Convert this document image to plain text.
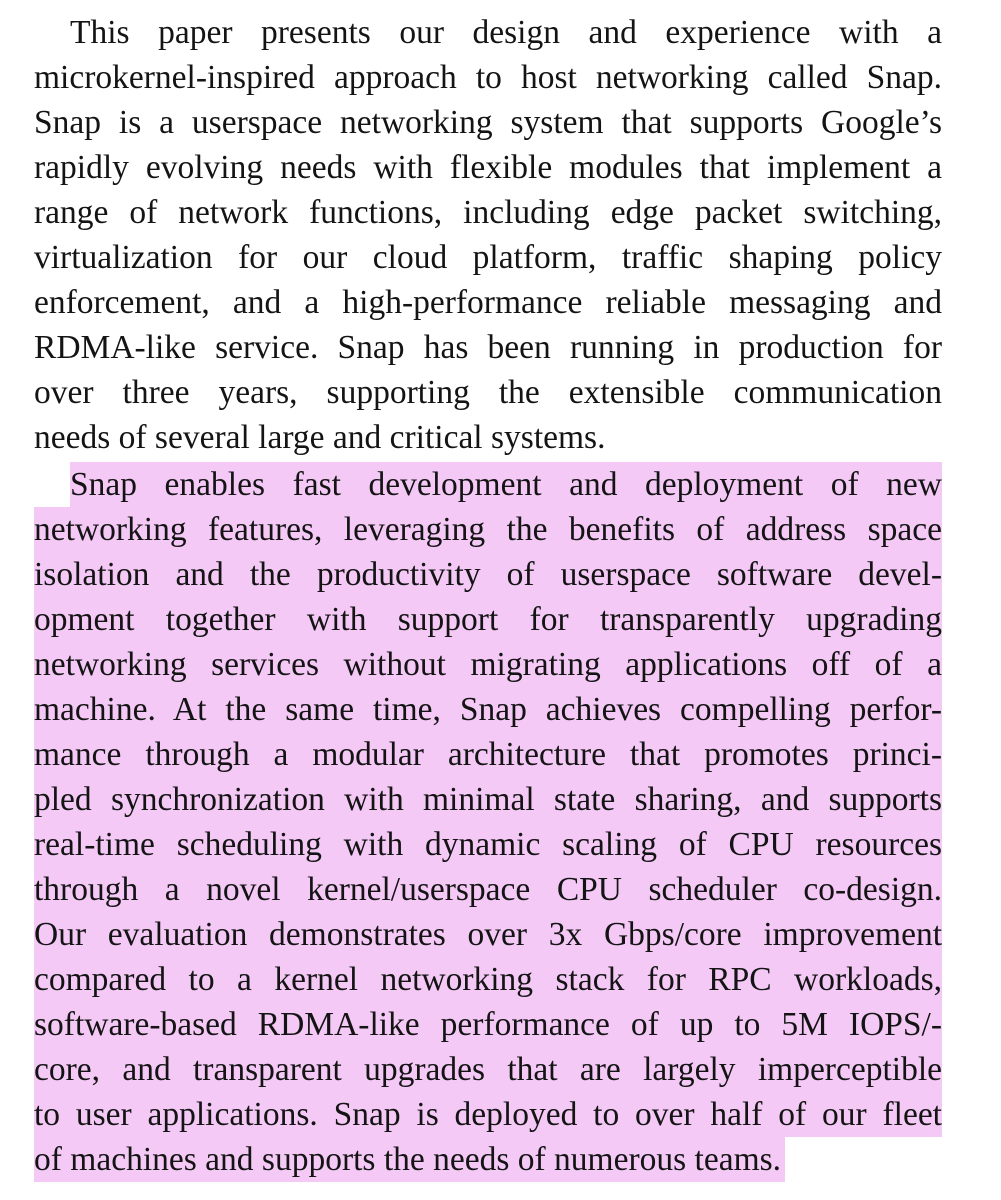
This paper presents our design and experience with a
microkernel-inspired approach to host networking called Snap.
Snap is a userspace networking system that supports Google’s
rapidly evolving needs with flexible modules that implement a
range of network functions, including edge packet switching,
virtualization for our cloud platform, traffic shaping policy
enforcement, and a high-performance reliable messaging and
RDMA-like service. Snap has been running in production for
over three years, supporting the extensible communication
needs of several large and critical systems.
Snap enables fast development and deployment of new
networking features, leveraging the benefits of address space
isolation and the productivity of userspace software devel-
opment together with support for transparently upgrading
networking services without migrating applications off of a
machine. At the same time, Snap achieves compelling perfor-
mance through a modular architecture that promotes princi-
pled synchronization with minimal state sharing, and supports
real-time scheduling with dynamic scaling of CPU resources
through a novel kernel/userspace CPU scheduler co-design.
Our evaluation demonstrates over 3x Gbps/core improvement
compared to a kernel networking stack for RPC workloads,
software-based RDMA-like performance of up to 5M IOPS/-
core, and transparent upgrades that are largely imperceptible
to user applications. Snap is deployed to over half of our fleet
of machines and supports the needs of numerous teams.
